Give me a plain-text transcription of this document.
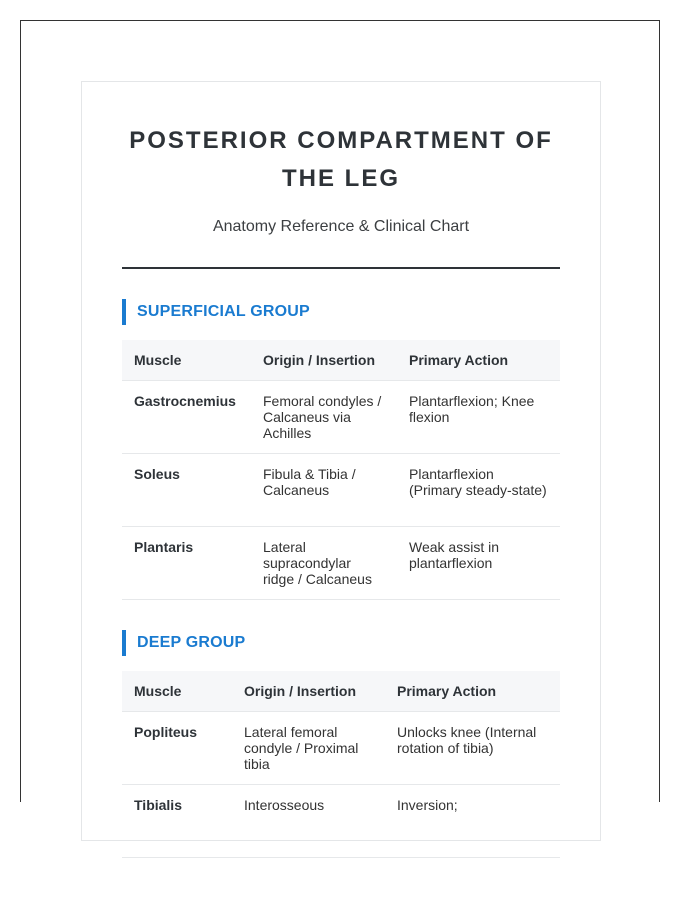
POSTERIOR COMPARTMENT OF THE LEG
Anatomy Reference & Clinical Chart
SUPERFICIAL GROUP
Muscle	Origin / Insertion	Primary Action
Gastrocnemius	Femoral condyles / Calcaneus via Achilles	Plantarflexion; Knee flexion
Soleus	Fibula & Tibia / Calcaneus	Plantarflexion (Primary steady-state)
Plantaris	Lateral supracondylar ridge / Calcaneus	Weak assist in plantarflexion
DEEP GROUP
Muscle	Origin / Insertion	Primary Action
Popliteus	Lateral femoral condyle / Proximal tibia	Unlocks knee (Internal rotation of tibia)
Tibialis	Interosseous	Inversion;
